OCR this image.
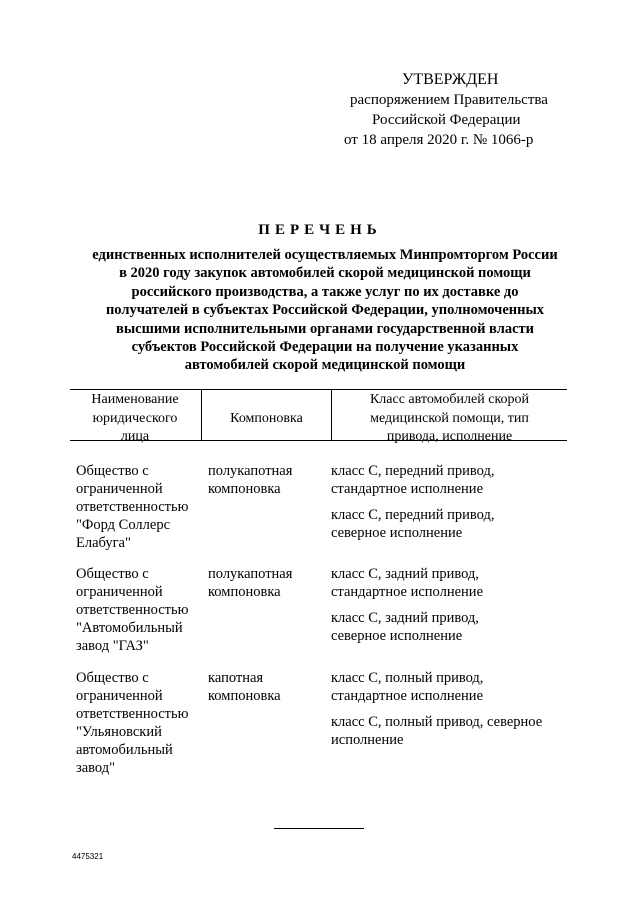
УТВЕРЖДЕН
распоряжением Правительства
Российской Федерации
от 18 апреля 2020 г. № 1066-р
ПЕРЕЧЕНЬ
единственных исполнителей осуществляемых Минпромторгом России
в 2020 году закупок автомобилей скорой медицинской помощи
российского производства, а также услуг по их доставке до
получателей в субъектах Российской Федерации, уполномоченных
высшими исполнительными органами государственной власти
субъектов Российской Федерации на получение указанных
автомобилей скорой медицинской помощи
Наименование
юридического
лица
Компоновка
Класс автомобилей скорой
медицинской помощи, тип
привода, исполнение
Общество с
ограниченной
ответственностью
"Форд Соллерс
Елабуга"
полукапотная
компоновка
класс С, передний привод,
стандартное исполнение
класс С, передний привод,
северное исполнение
Общество с
ограниченной
ответственностью
"Автомобильный
завод "ГАЗ"
полукапотная
компоновка
класс С, задний привод,
стандартное исполнение
класс С, задний привод,
северное исполнение
Общество с
ограниченной
ответственностью
"Ульяновский
автомобильный
завод"
капотная
компоновка
класс С, полный привод,
стандартное исполнение
класс С, полный привод, северное
исполнение
4475321
